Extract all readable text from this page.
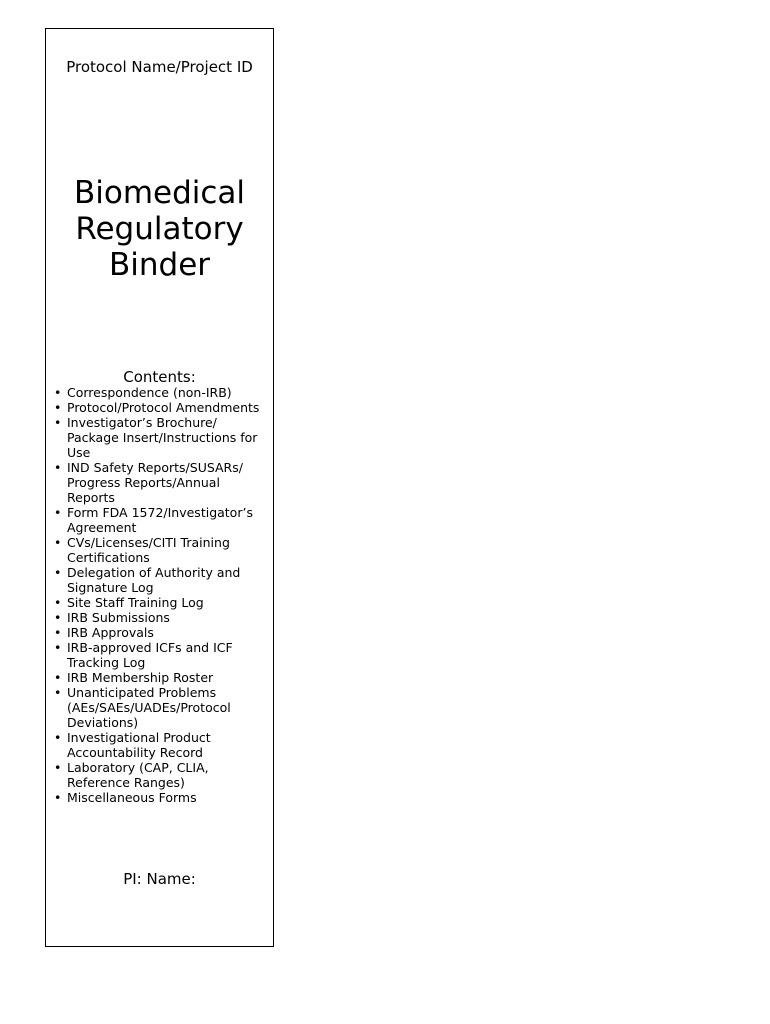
Protocol Name/Project ID
Biomedical
Regulatory
Binder
Contents:
• Correspondence (non-IRB)
• Protocol/Protocol Amendments
• Investigator’s Brochure/ Package Insert/Instructions for Use
• IND Safety Reports/SUSARs/ Progress Reports/Annual Reports
• Form FDA 1572/Investigator’s Agreement
• CVs/Licenses/CITI Training Certifications
• Delegation of Authority and Signature Log
• Site Staff Training Log
• IRB Submissions
• IRB Approvals
• IRB-approved ICFs and ICF Tracking Log
• IRB Membership Roster
• Unanticipated Problems (AEs/SAEs/UADEs/Protocol Deviations)
• Investigational Product Accountability Record
• Laboratory (CAP, CLIA, Reference Ranges)
• Miscellaneous Forms
PI: Name:
